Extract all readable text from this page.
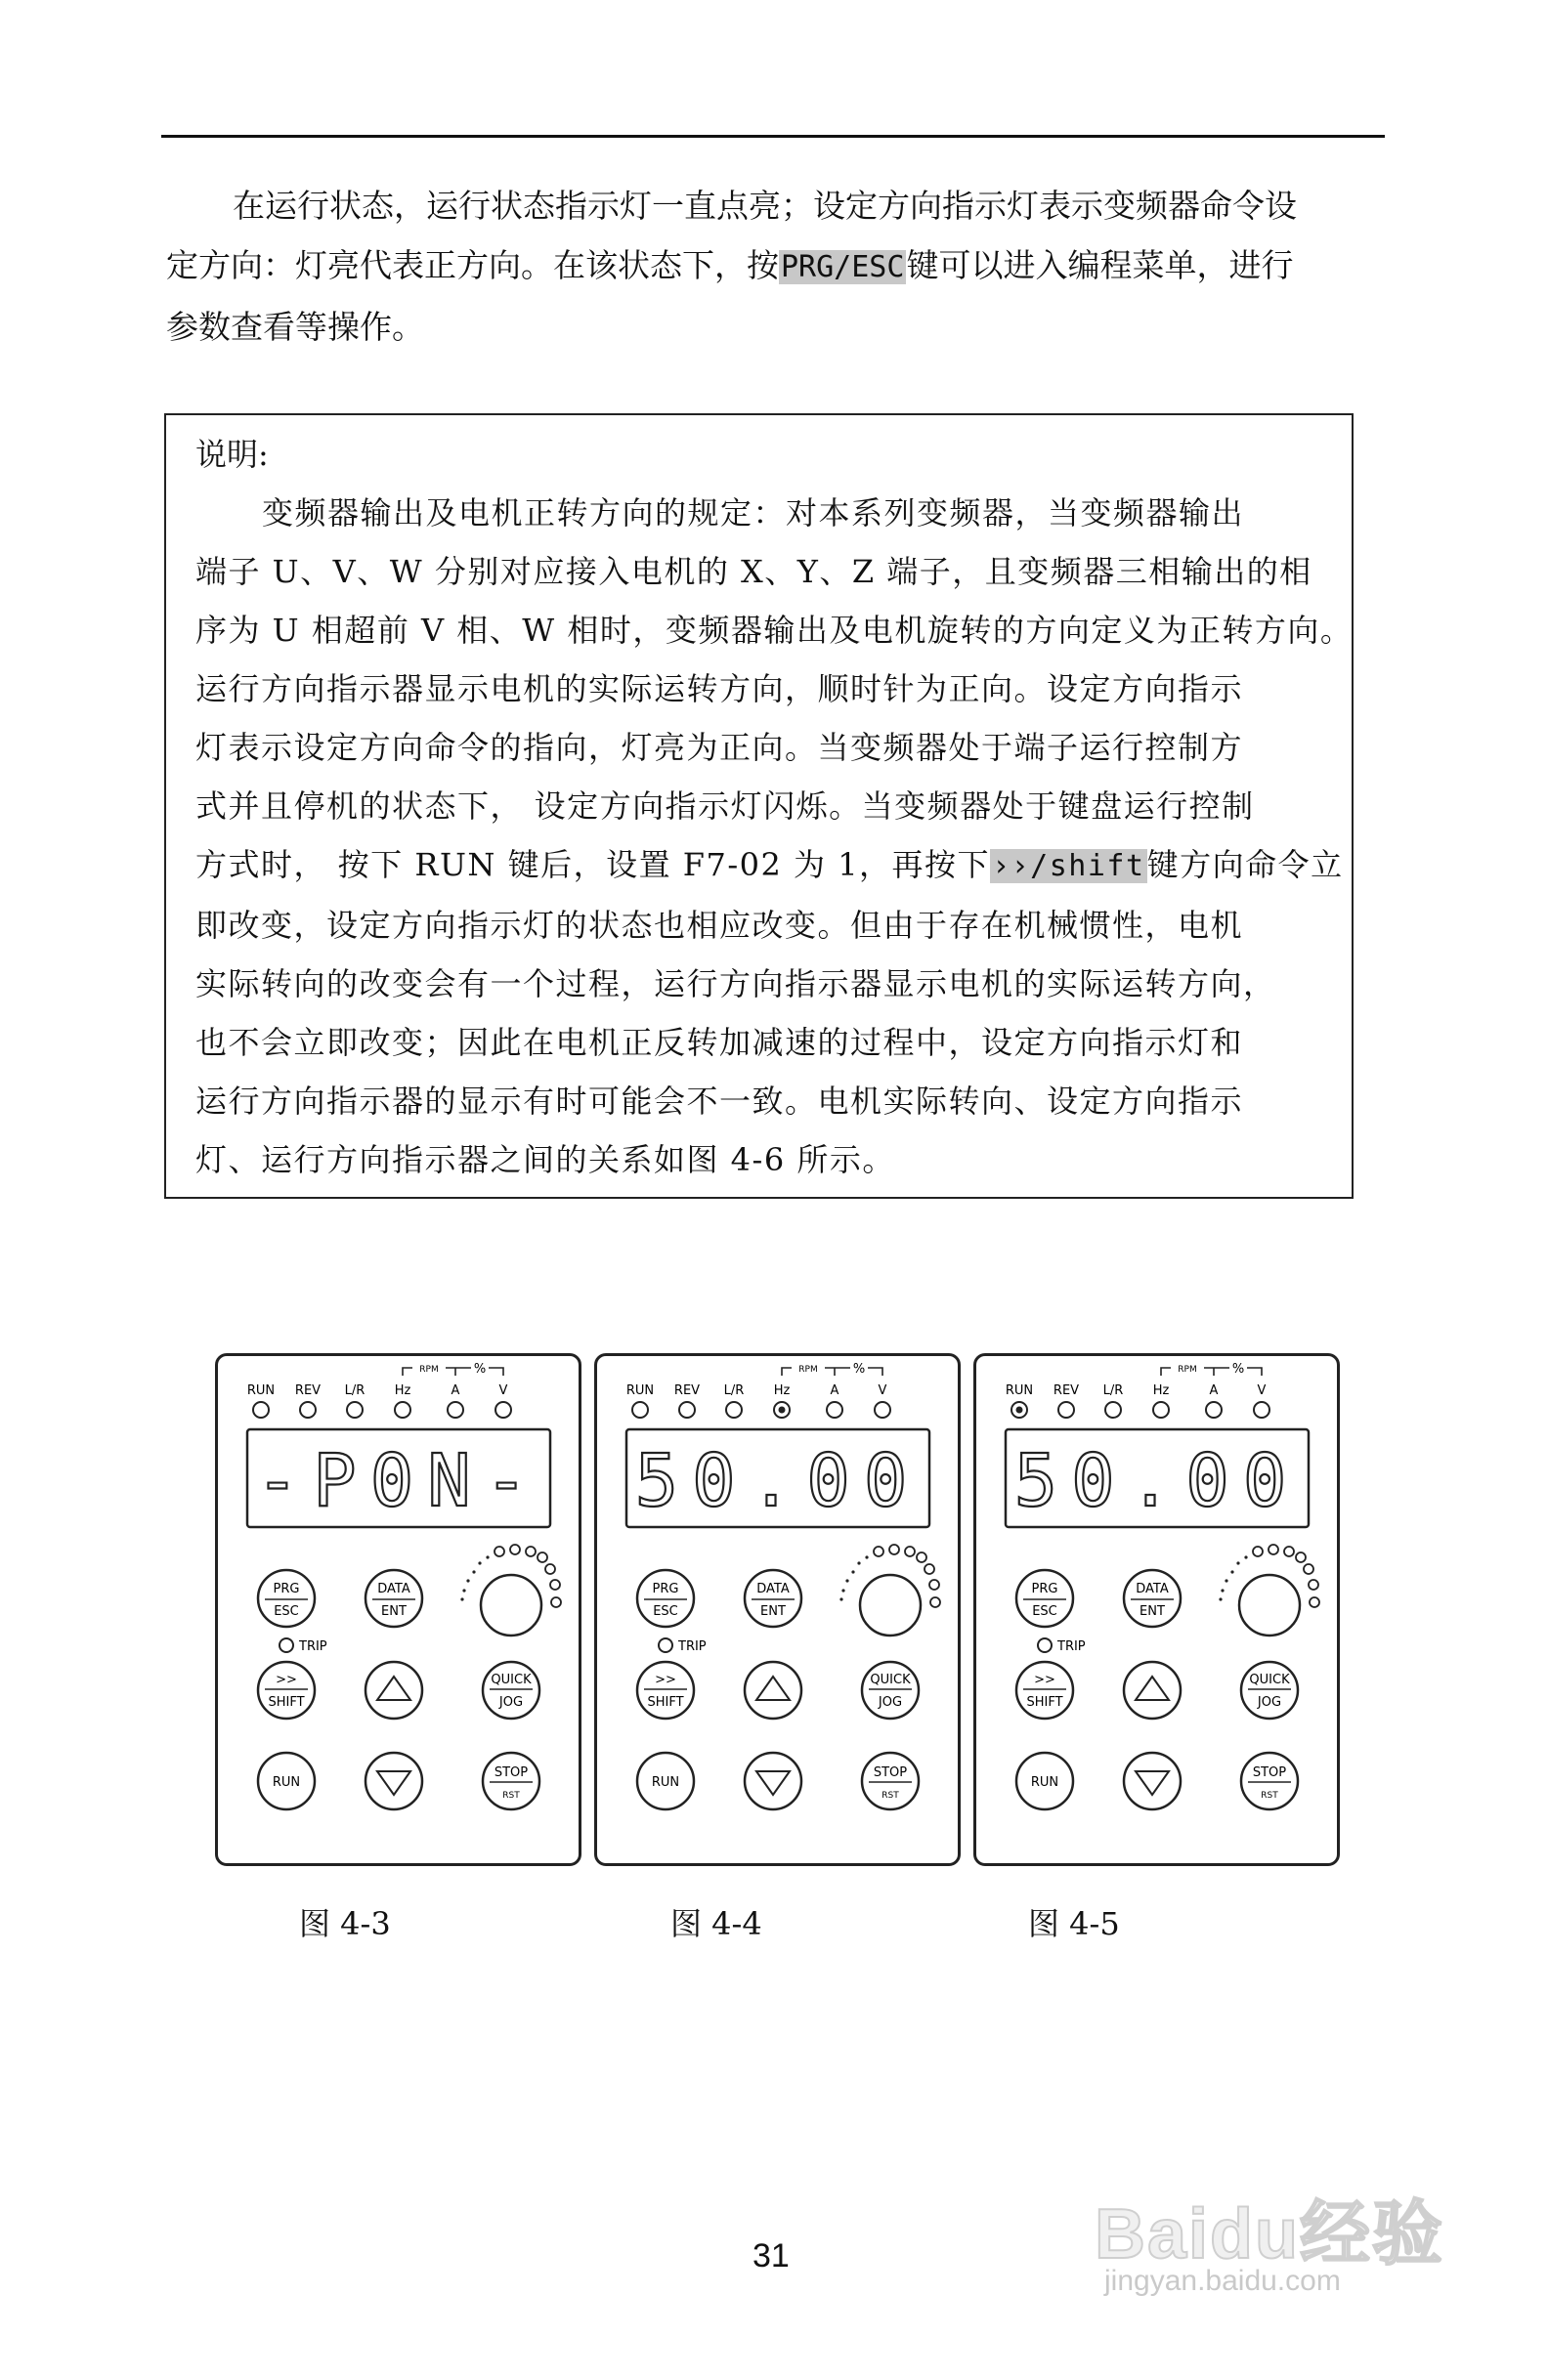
在运行状态，运行状态指示灯一直点亮；设定方向指示灯表示变频器命令设
定方向：灯亮代表正方向。在该状态下，按PRG/ESC键可以进入编程菜单，进行
参数查看等操作。
说明:
变频器输出及电机正转方向的规定：对本系列变频器，当变频器输出
端子 U、V、W 分别对应接入电机的 X、Y、Z 端子，且变频器三相输出的相
序为 U 相超前 V 相、W 相时，变频器输出及电机旋转的方向定义为正转方向。
运行方向指示器显示电机的实际运转方向，顺时针为正向。设定方向指示
灯表示设定方向命令的指向，灯亮为正向。当变频器处于端子运行控制方
式并且停机的状态下， 设定方向指示灯闪烁。当变频器处于键盘运行控制
方式时， 按下 RUN 键后，设置 F7-02 为 1，再按下››/shift键方向命令立
即改变，设定方向指示灯的状态也相应改变。但由于存在机械惯性，电机
实际转向的改变会有一个过程，运行方向指示器显示电机的实际运转方向，
也不会立即改变；因此在电机正反转加减速的过程中，设定方向指示灯和
运行方向指示器的显示有时可能会不一致。电机实际转向、设定方向指示
灯、运行方向指示器之间的关系如图 4-6 所示。
RUN REV L/R Hz	A	V
RPM	%
-P0N-
PRG
ESC
DATA
ENT
TRIP
>>
SHIFT
QUICK
JOG
RUN
STOP
RST
RUN REV L/R Hz	A	V
RPM	%
50.00
PRG
ESC
DATA
ENT
TRIP
>>
SHIFT
QUICK
JOG
RUN
STOP
RST
RUN REV L/R Hz	A	V
RPM	%
50.00
PRG
ESC
DATA
ENT
TRIP
>>
SHIFT
QUICK
JOG
RUN
STOP
RST
图 4-3	图 4-4	图 4-5
31	Baidu经验
jingyan.baidu.com
